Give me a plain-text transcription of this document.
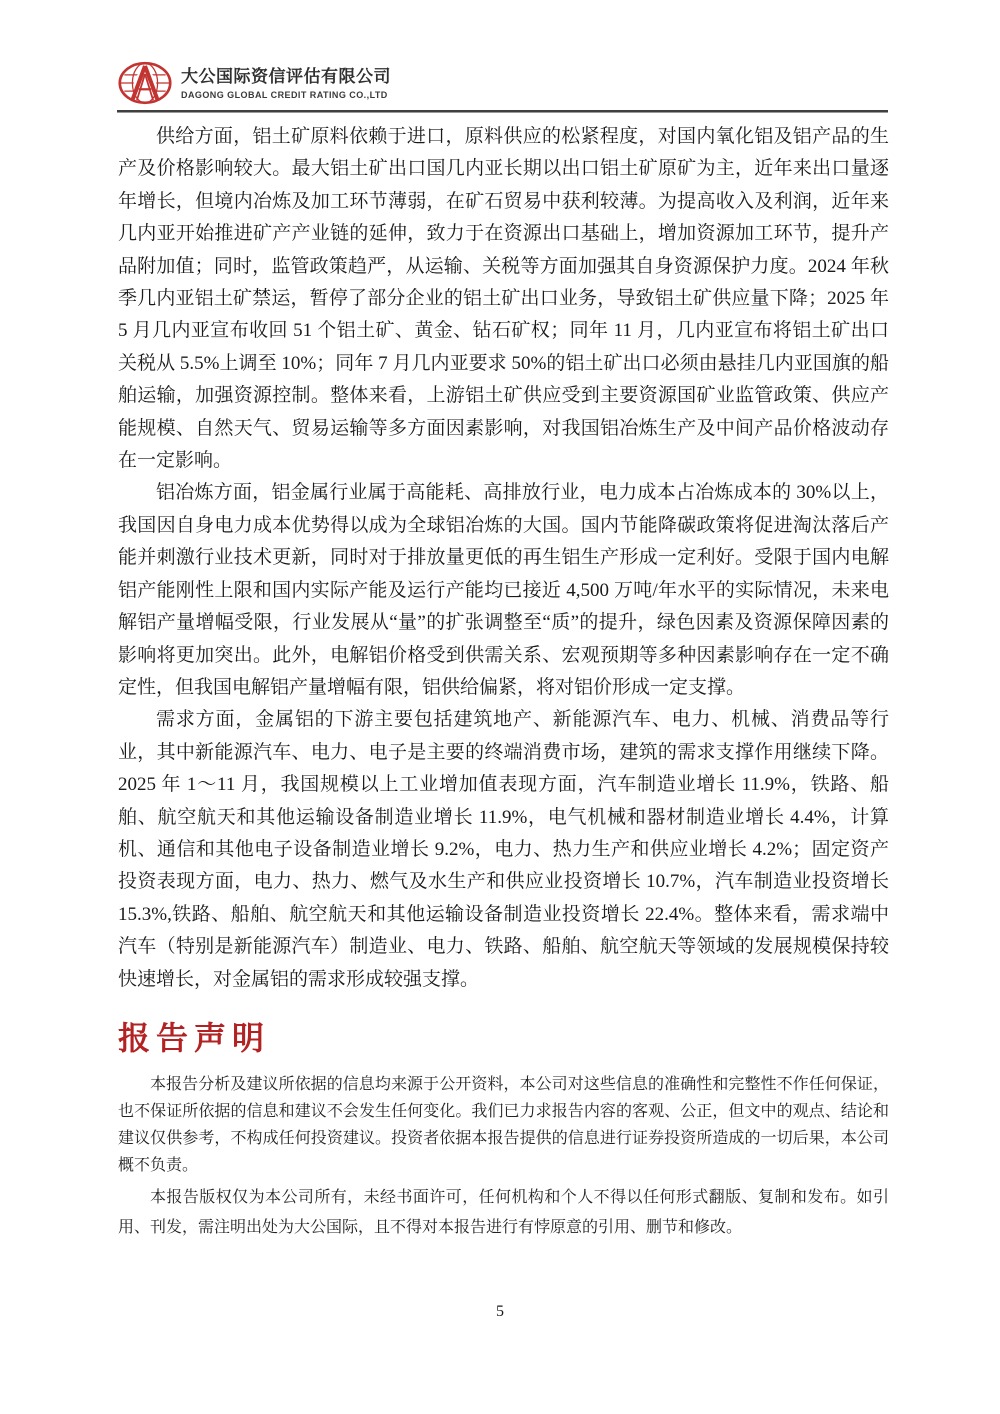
大公国际资信评估有限公司
DAGONG GLOBAL CREDIT RATING CO.,LTD

供给方面，铝土矿原料依赖于进口，原料供应的松紧程度，对国内氧化铝及铝产品的生产及价格影响较大。最大铝土矿出口国几内亚长期以出口铝土矿原矿为主，近年来出口量逐年增长，但境内冶炼及加工环节薄弱，在矿石贸易中获利较薄。为提高收入及利润，近年来几内亚开始推进矿产产业链的延伸，致力于在资源出口基础上，增加资源加工环节，提升产品附加值；同时，监管政策趋严，从运输、关税等方面加强其自身资源保护力度。2024 年秋季几内亚铝土矿禁运，暂停了部分企业的铝土矿出口业务，导致铝土矿供应量下降；2025 年 5 月几内亚宣布收回 51 个铝土矿、黄金、钻石矿权；同年 11 月，几内亚宣布将铝土矿出口关税从 5.5%上调至 10%；同年 7 月几内亚要求 50%的铝土矿出口必须由悬挂几内亚国旗的船舶运输，加强资源控制。整体来看，上游铝土矿供应受到主要资源国矿业监管政策、供应产能规模、自然天气、贸易运输等多方面因素影响，对我国铝冶炼生产及中间产品价格波动存在一定影响。

铝冶炼方面，铝金属行业属于高能耗、高排放行业，电力成本占冶炼成本的 30%以上，我国因自身电力成本优势得以成为全球铝冶炼的大国。国内节能降碳政策将促进淘汰落后产能并刺激行业技术更新，同时对于排放量更低的再生铝生产形成一定利好。受限于国内电解铝产能刚性上限和国内实际产能及运行产能均已接近 4,500 万吨/年水平的实际情况，未来电解铝产量增幅受限，行业发展从“量”的扩张调整至“质”的提升，绿色因素及资源保障因素的影响将更加突出。此外，电解铝价格受到供需关系、宏观预期等多种因素影响存在一定不确定性，但我国电解铝产量增幅有限，铝供给偏紧，将对铝价形成一定支撑。

需求方面，金属铝的下游主要包括建筑地产、新能源汽车、电力、机械、消费品等行业，其中新能源汽车、电力、电子是主要的终端消费市场，建筑的需求支撑作用继续下降。2025 年 1～11 月，我国规模以上工业增加值表现方面，汽车制造业增长 11.9%，铁路、船舶、航空航天和其他运输设备制造业增长 11.9%，电气机械和器材制造业增长 4.4%，计算机、通信和其他电子设备制造业增长 9.2%，电力、热力生产和供应业增长 4.2%；固定资产投资表现方面，电力、热力、燃气及水生产和供应业投资增长 10.7%，汽车制造业投资增长 15.3%,铁路、船舶、航空航天和其他运输设备制造业投资增长 22.4%。整体来看，需求端中汽车（特别是新能源汽车）制造业、电力、铁路、船舶、航空航天等领域的发展规模保持较快速增长，对金属铝的需求形成较强支撑。

报告声明

本报告分析及建议所依据的信息均来源于公开资料，本公司对这些信息的准确性和完整性不作任何保证，也不保证所依据的信息和建议不会发生任何变化。我们已力求报告内容的客观、公正，但文中的观点、结论和建议仅供参考，不构成任何投资建议。投资者依据本报告提供的信息进行证券投资所造成的一切后果，本公司概不负责。

本报告版权仅为本公司所有，未经书面许可，任何机构和个人不得以任何形式翻版、复制和发布。如引用、刊发，需注明出处为大公国际，且不得对本报告进行有悖原意的引用、删节和修改。

5
